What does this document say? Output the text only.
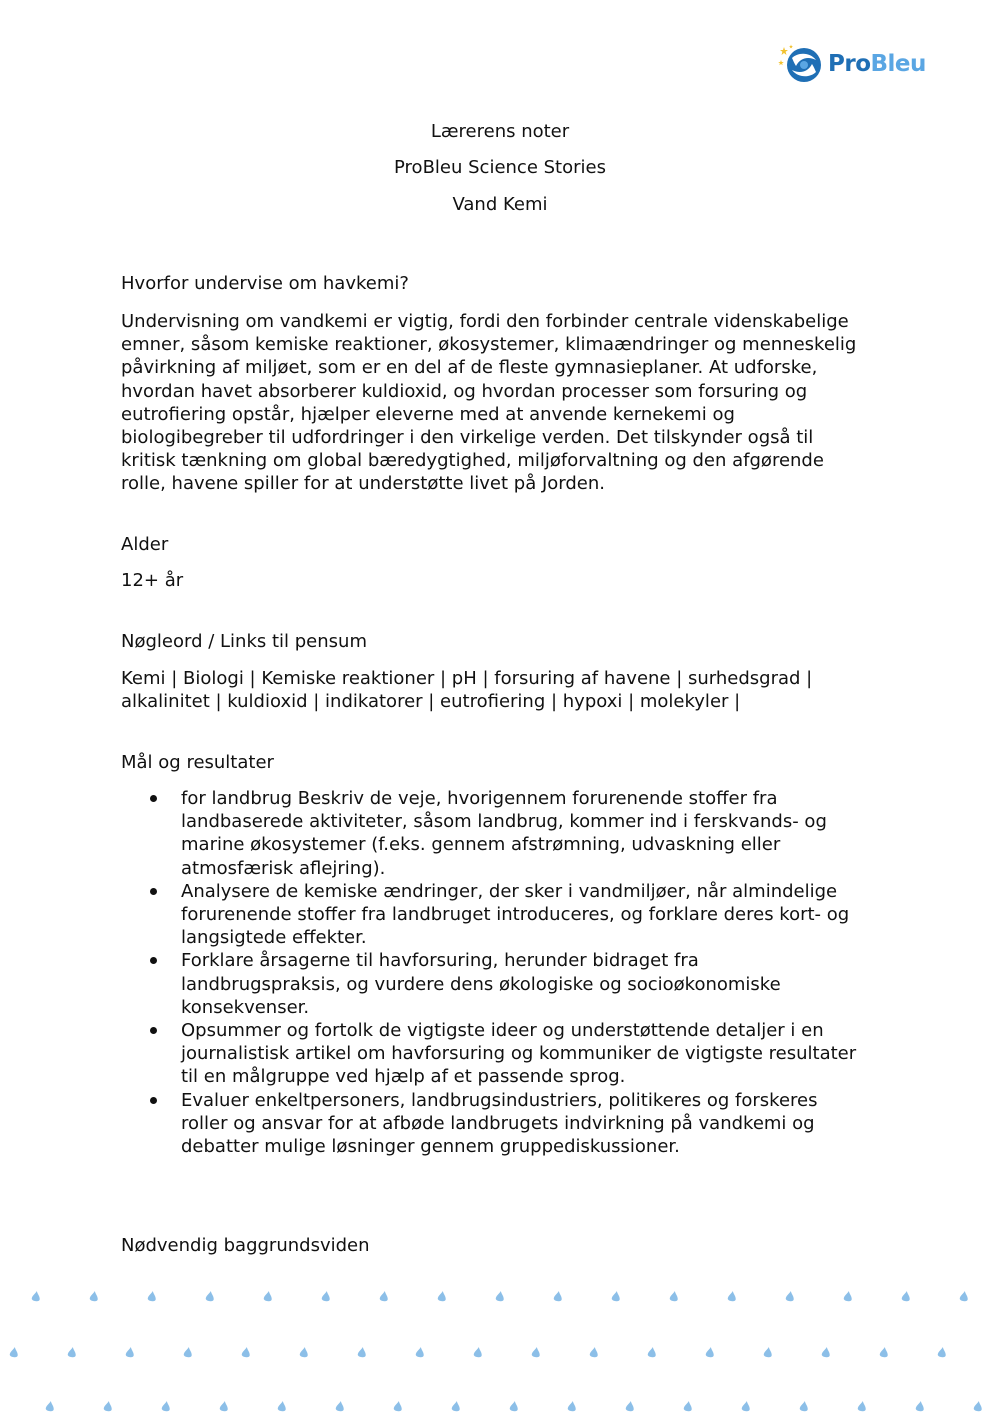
ProBleu
Lærerens noter
ProBleu Science Stories
Vand Kemi
Hvorfor undervise om havkemi?
Undervisning om vandkemi er vigtig, fordi den forbinder centrale videnskabelige
emner, såsom kemiske reaktioner, økosystemer, klimaændringer og menneskelig
påvirkning af miljøet, som er en del af de fleste gymnasieplaner. At udforske,
hvordan havet absorberer kuldioxid, og hvordan processer som forsuring og
eutrofiering opstår, hjælper eleverne med at anvende kernekemi og
biologibegreber til udfordringer i den virkelige verden. Det tilskynder også til
kritisk tænkning om global bæredygtighed, miljøforvaltning og den afgørende
rolle, havene spiller for at understøtte livet på Jorden.
Alder
12+ år
Nøgleord / Links til pensum
Kemi | Biologi | Kemiske reaktioner | pH | forsuring af havene | surhedsgrad |
alkalinitet | kuldioxid | indikatorer | eutrofiering | hypoxi | molekyler |
Mål og resultater
for landbrug Beskriv de veje, hvorigennem forurenende stoffer fra
landbaserede aktiviteter, såsom landbrug, kommer ind i ferskvands- og
marine økosystemer (f.eks. gennem afstrømning, udvaskning eller
atmosfærisk aflejring).
Analysere de kemiske ændringer, der sker i vandmiljøer, når almindelige
forurenende stoffer fra landbruget introduceres, og forklare deres kort- og
langsigtede effekter.
Forklare årsagerne til havforsuring, herunder bidraget fra
landbrugspraksis, og vurdere dens økologiske og socioøkonomiske
konsekvenser.
Opsummer og fortolk de vigtigste ideer og understøttende detaljer i en
journalistisk artikel om havforsuring og kommuniker de vigtigste resultater
til en målgruppe ved hjælp af et passende sprog.
Evaluer enkeltpersoners, landbrugsindustriers, politikeres og forskeres
roller og ansvar for at afbøde landbrugets indvirkning på vandkemi og
debatter mulige løsninger gennem gruppediskussioner.
Nødvendig baggrundsviden
